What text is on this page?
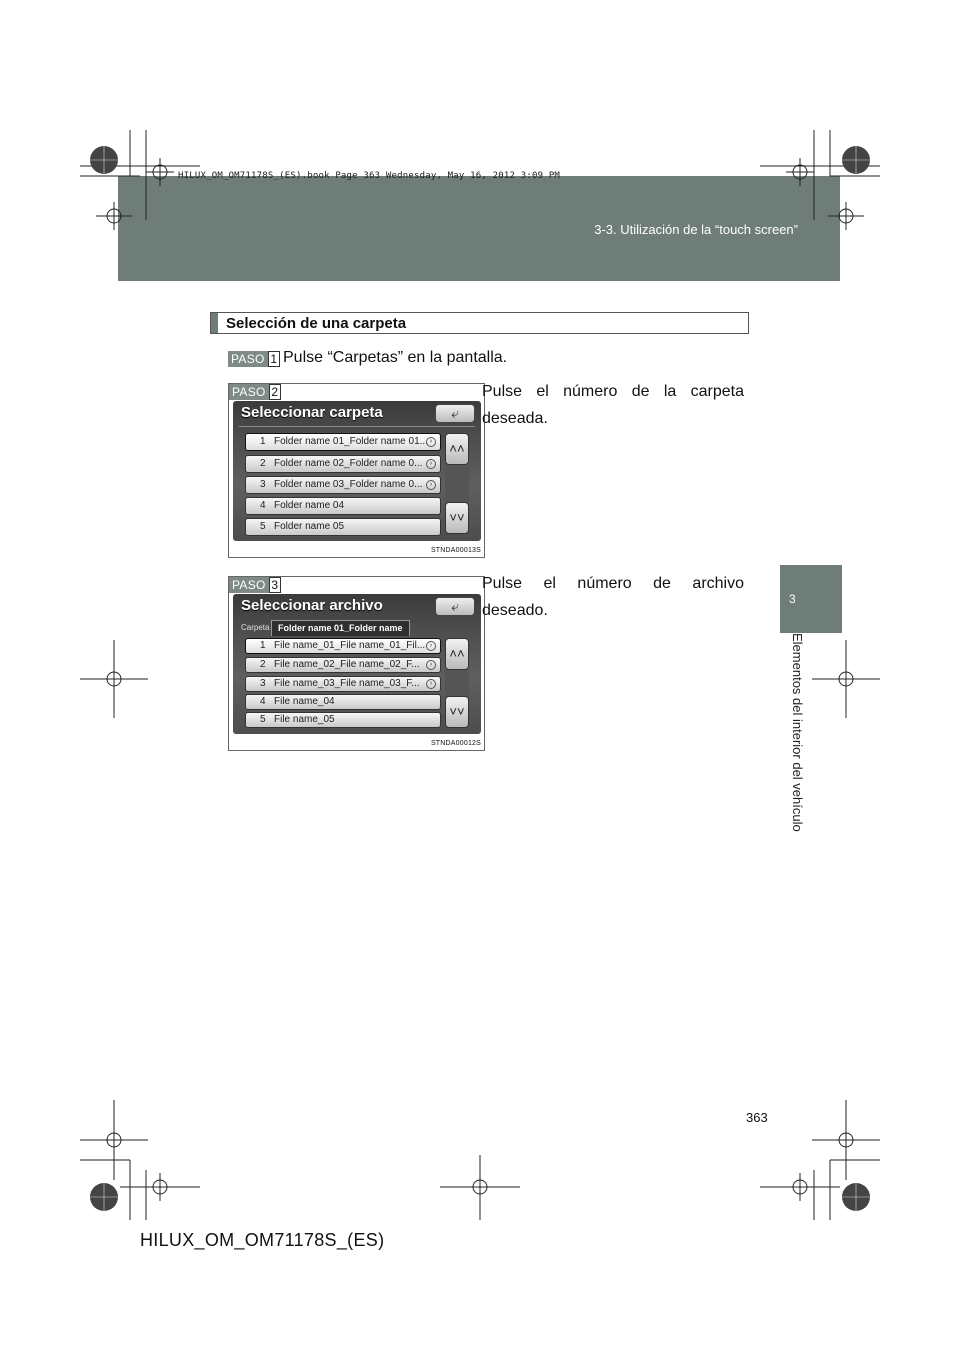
HILUX_OM_OM71178S_(ES).book Page 363 Wednesday, May 16, 2012 3:09 PM
3-3. Utilización de la “touch screen”
3
Elementos del interior del vehículo
Selección de una carpeta
PASO 1 Pulse “Carpetas” en la pantalla.
PASO 2
Seleccionar carpeta	⤶
1 Folder name 01_Folder name 01... ›
2 Folder name 02_Folder name 0...	›
3 Folder name 03_Folder name 0...	›
4 Folder name 04
5 Folder name 05
˄˄
˅˅
STNDA00013S
Pulse el número de la carpeta deseada.
PASO 3
Seleccionar archivo	⤶
Carpeta Folder name 01_Folder name
1 File name_01_File name_01_Fil... ›
2 File name_02_File name_02_F...	›
3 File name_03_File name_03_F...	›
4 File name_04
5 File name_05
˄˄
˅˅
STNDA00012S
Pulse el número de archivo deseado.
363
HILUX_OM_OM71178S_(ES)
